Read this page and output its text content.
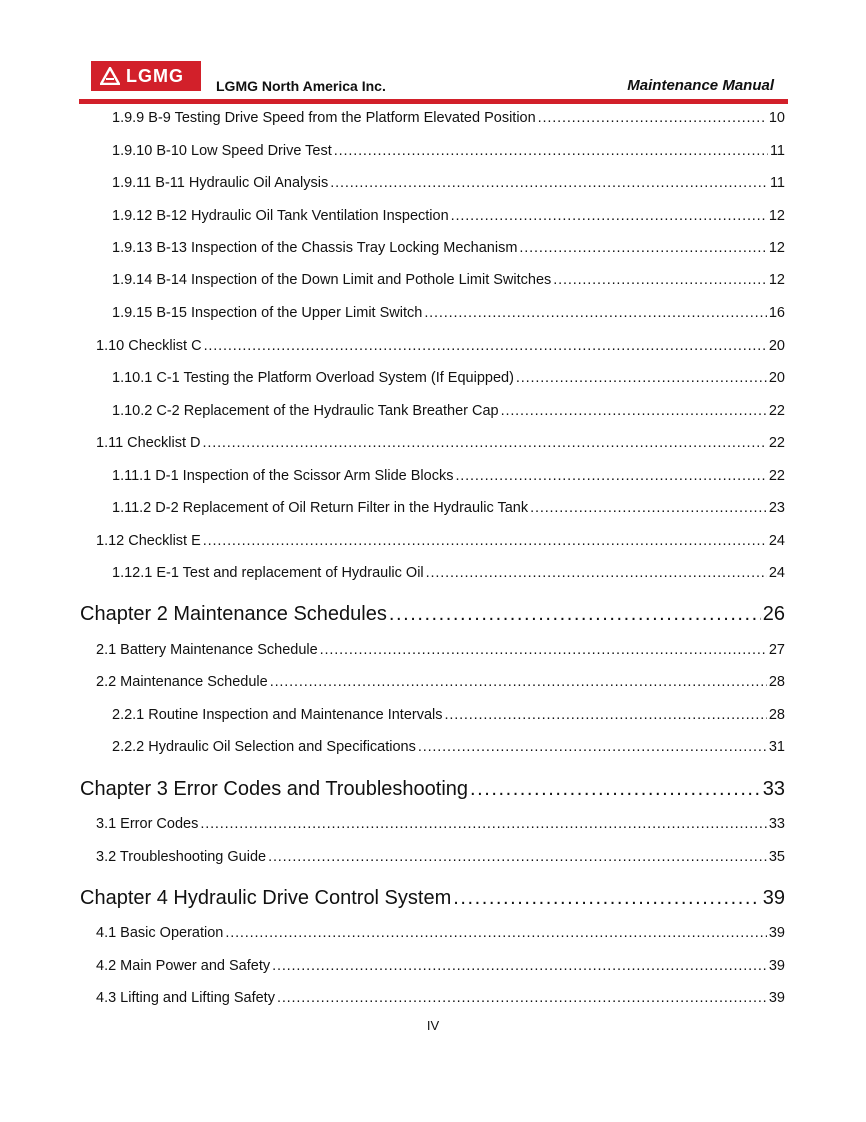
LGMG
LGMG North America Inc.	Maintenance Manual
1.9.9 B-9 Testing Drive Speed from the Platform Elevated Position . . .	10
1.9.10 B-10 Low Speed Drive Test . . .	11
1.9.11 B-11 Hydraulic Oil Analysis . . .	11
1.9.12 B-12 Hydraulic Oil Tank Ventilation Inspection . . .	12
1.9.13 B-13 Inspection of the Chassis Tray Locking Mechanism . . .	12
1.9.14 B-14 Inspection of the Down Limit and Pothole Limit Switches . . .	12
1.9.15 B-15 Inspection of the Upper Limit Switch . . .	16
1.10 Checklist C . . .	20
1.10.1 C-1 Testing the Platform Overload System (If Equipped) . . .	20
1.10.2 C-2 Replacement of the Hydraulic Tank Breather Cap . . .	22
1.11 Checklist D . . .	22
1.11.1 D-1 Inspection of the Scissor Arm Slide Blocks . . .	22
1.11.2 D-2 Replacement of Oil Return Filter in the Hydraulic Tank . . .	23
1.12 Checklist E . . .	24
1.12.1 E-1 Test and replacement of Hydraulic Oil . . .	24
Chapter 2 Maintenance Schedules . . .	26
2.1 Battery Maintenance Schedule . . .	27
2.2 Maintenance Schedule . . .	28
2.2.1 Routine Inspection and Maintenance Intervals . . .	28
2.2.2 Hydraulic Oil Selection and Specifications . . .	31
Chapter 3 Error Codes and Troubleshooting . . .	33
3.1 Error Codes . . .	33
3.2 Troubleshooting Guide . . .	35
Chapter 4 Hydraulic Drive Control System . . .	39
4.1 Basic Operation . . .	39
4.2 Main Power and Safety . . .	39
4.3 Lifting and Lifting Safety . . .	39
IV
